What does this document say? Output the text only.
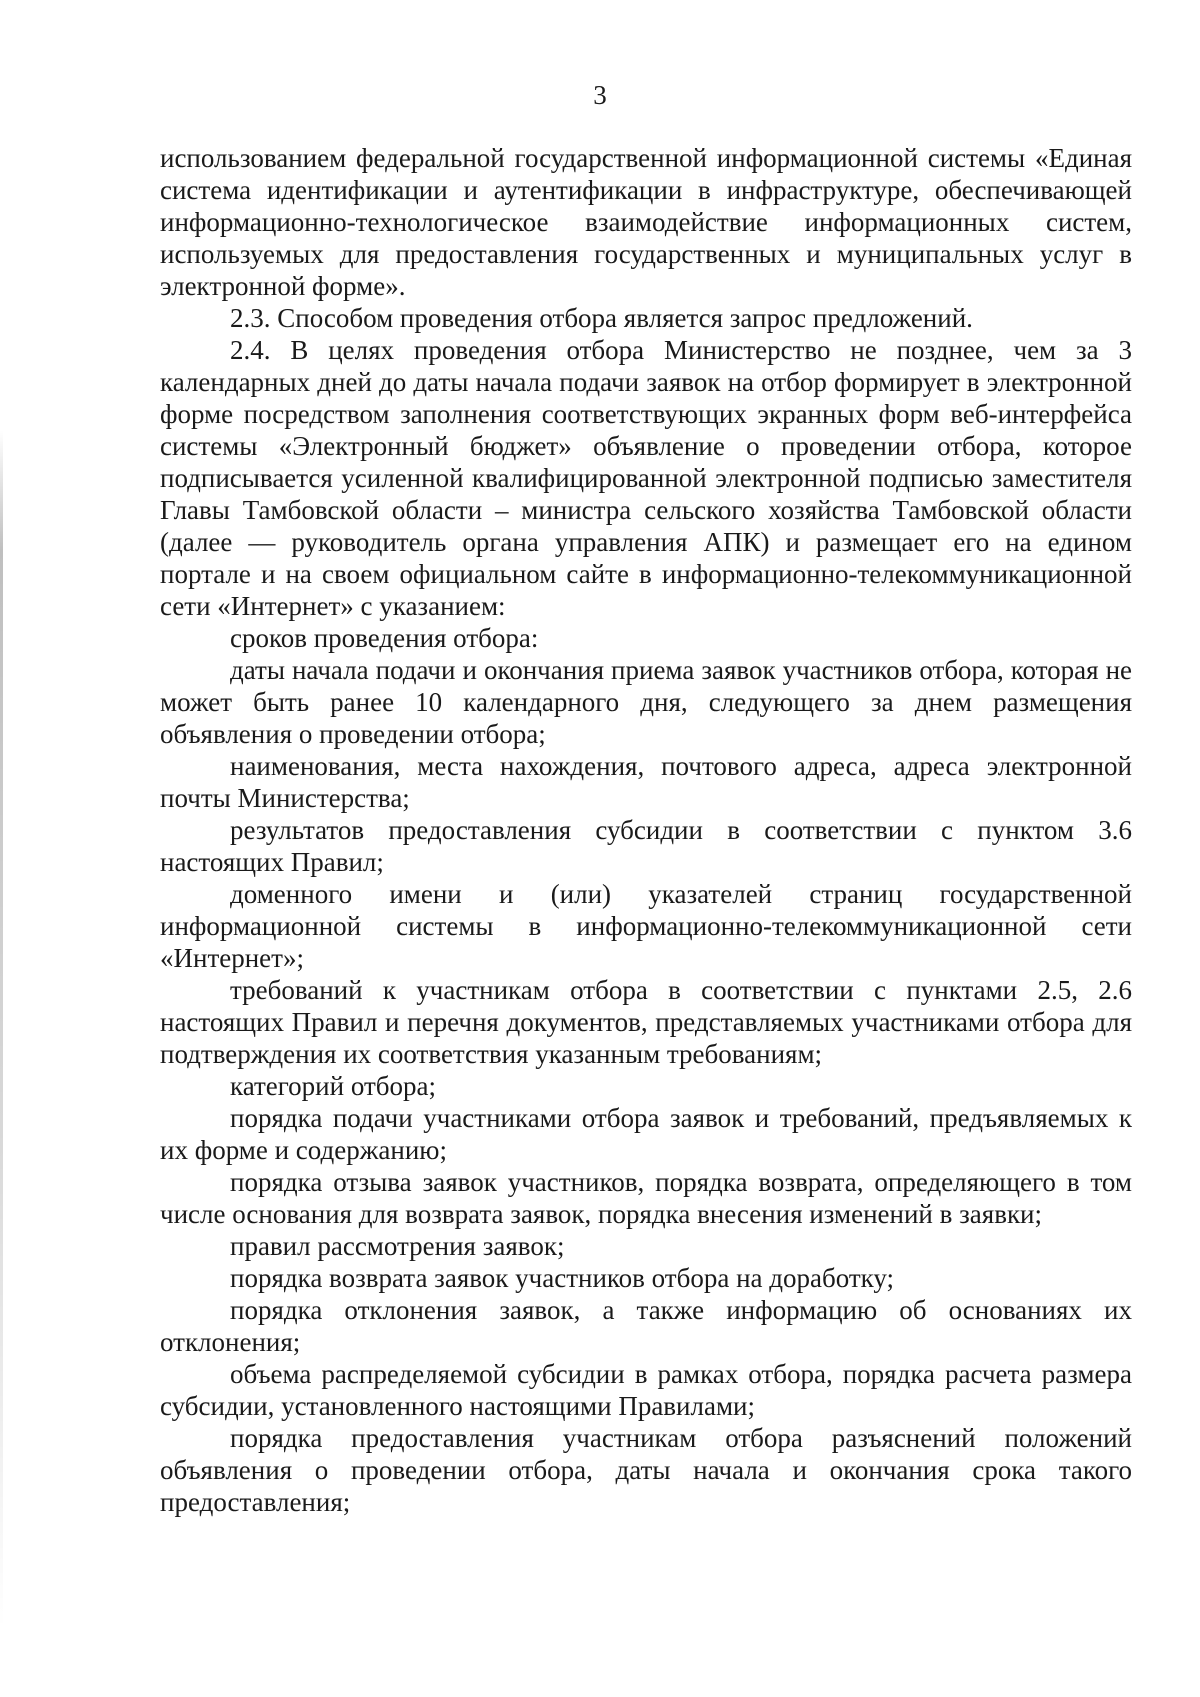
3

использованием федеральной государственной информационной системы «Единая система идентификации и аутентификации в инфраструктуре, обеспечивающей информационно-технологическое взаимодействие информационных систем, используемых для предоставления государственных и муниципальных услуг в электронной форме».

2.3. Способом проведения отбора является запрос предложений.

2.4. В целях проведения отбора Министерство не позднее, чем за 3 календарных дней до даты начала подачи заявок на отбор формирует в электронной форме посредством заполнения соответствующих экранных форм веб-интерфейса системы «Электронный бюджет» объявление о проведении отбора, которое подписывается усиленной квалифицированной электронной подписью заместителя Главы Тамбовской области – министра сельского хозяйства Тамбовской области (далее — руководитель органа управления АПК) и размещает его на едином портале и на своем официальном сайте в информационно-телекоммуникационной сети «Интернет» с указанием:

сроков проведения отбора:

даты начала подачи и окончания приема заявок участников отбора, которая не может быть ранее 10 календарного дня, следующего за днем размещения объявления о проведении отбора;

наименования, места нахождения, почтового адреса, адреса электронной почты Министерства;

результатов предоставления субсидии в соответствии с пунктом 3.6 настоящих Правил;

доменного имени и (или) указателей страниц государственной информационной системы в информационно-телекоммуникационной сети «Интернет»;

требований к участникам отбора в соответствии с пунктами 2.5, 2.6 настоящих Правил и перечня документов, представляемых участниками отбора для подтверждения их соответствия указанным требованиям;

категорий отбора;

порядка подачи участниками отбора заявок и требований, предъявляемых к их форме и содержанию;

порядка отзыва заявок участников, порядка возврата, определяющего в том числе основания для возврата заявок, порядка внесения изменений в заявки;

правил рассмотрения заявок;

порядка возврата заявок участников отбора на доработку;

порядка отклонения заявок, а также информацию об основаниях их отклонения;

объема распределяемой субсидии в рамках отбора, порядка расчета размера субсидии, установленного настоящими Правилами;

порядка предоставления участникам отбора разъяснений положений объявления о проведении отбора, даты начала и окончания срока такого предоставления;
